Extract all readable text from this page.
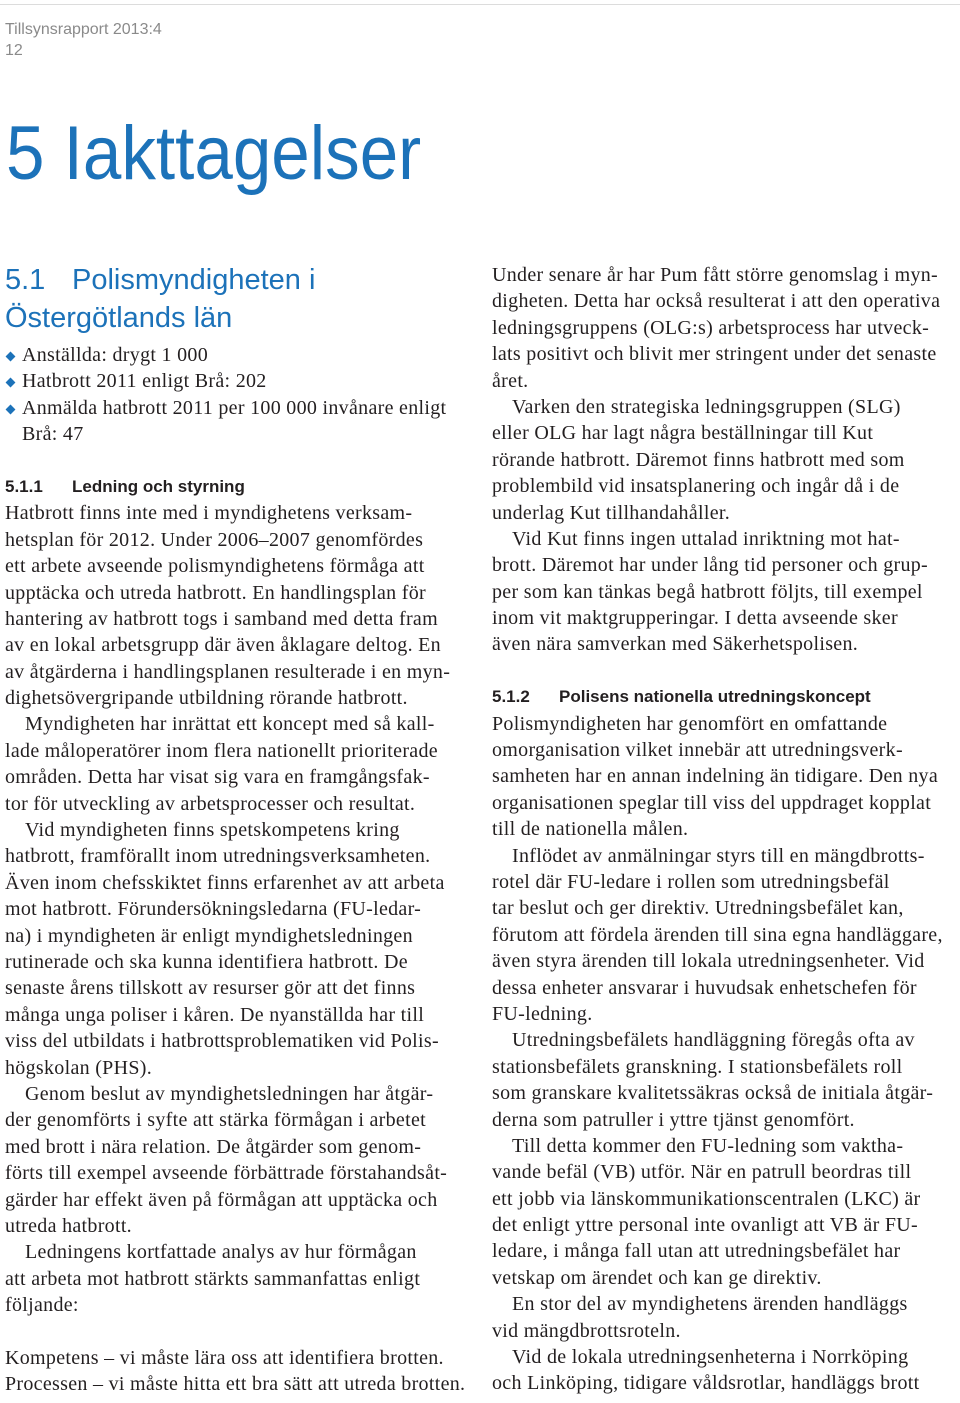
Tillsynsrapport 2013:4
12
5 Iakttagelser
5.1 Polismyndigheten i
Östergötlands län
Anställda: drygt 1 000
Hatbrott 2011 enligt Brå: 202
Anmälda hatbrott 2011 per 100 000 invånare enligt
Brå: 47
5.1.1 Ledning och styrning
Hatbrott finns inte med i myndighetens verksam-
hetsplan för 2012. Under 2006–2007 genomfördes
ett arbete avseende polismyndighetens förmåga att
upptäcka och utreda hatbrott. En handlingsplan för
hantering av hatbrott togs i samband med detta fram
av en lokal arbetsgrupp där även åklagare deltog. En
av åtgärderna i handlingsplanen resulterade i en myn-
dighetsövergripande utbildning rörande hatbrott.
Myndigheten har inrättat ett koncept med så kall-
lade måloperatörer inom flera nationellt prioriterade
områden. Detta har visat sig vara en framgångsfak-
tor för utveckling av arbetsprocesser och resultat.
Vid myndigheten finns spetskompetens kring
hatbrott, framförallt inom utredningsverksamheten.
Även inom chefsskiktet finns erfarenhet av att arbeta
mot hatbrott. Förundersökningsledarna (FU-ledar-
na) i myndigheten är enligt myndighetsledningen
rutinerade och ska kunna identifiera hatbrott. De
senaste årens tillskott av resurser gör att det finns
många unga poliser i kåren. De nyanställda har till
viss del utbildats i hatbrottsproblematiken vid Polis-
högskolan (PHS).
Genom beslut av myndighetsledningen har åtgär-
der genomförts i syfte att stärka förmågan i arbetet
med brott i nära relation. De åtgärder som genom-
förts till exempel avseende förbättrade förstahandsåt-
gärder har effekt även på förmågan att upptäcka och
utreda hatbrott.
Ledningens kortfattade analys av hur förmågan
att arbeta mot hatbrott stärkts sammanfattas enligt
följande:
Kompetens – vi måste lära oss att identifiera brotten.
Processen – vi måste hitta ett bra sätt att utreda brotten.
Under senare år har Pum fått större genomslag i myn-
digheten. Detta har också resulterat i att den operativa
ledningsgruppens (OLG:s) arbetsprocess har utveck-
lats positivt och blivit mer stringent under det senaste
året.
Varken den strategiska ledningsgruppen (SLG)
eller OLG har lagt några beställningar till Kut
rörande hatbrott. Däremot finns hatbrott med som
problembild vid insatsplanering och ingår då i de
underlag Kut tillhandahåller.
Vid Kut finns ingen uttalad inriktning mot hat-
brott. Däremot har under lång tid personer och grup-
per som kan tänkas begå hatbrott följts, till exempel
inom vit maktgrupperingar. I detta avseende sker
även nära samverkan med Säkerhetspolisen.
5.1.2 Polisens nationella utredningskoncept
Polismyndigheten har genomfört en omfattande
omorganisation vilket innebär att utredningsverk-
samheten har en annan indelning än tidigare. Den nya
organisationen speglar till viss del uppdraget kopplat
till de nationella målen.
Inflödet av anmälningar styrs till en mängdbrotts-
rotel där FU-ledare i rollen som utredningsbefäl
tar beslut och ger direktiv. Utredningsbefälet kan,
förutom att fördela ärenden till sina egna handläggare,
även styra ärenden till lokala utredningsenheter. Vid
dessa enheter ansvarar i huvudsak enhetschefen för
FU-ledning.
Utredningsbefälets handläggning föregås ofta av
stationsbefälets granskning. I stationsbefälets roll
som granskare kvalitetssäkras också de initiala åtgär-
derna som patruller i yttre tjänst genomfört.
Till detta kommer den FU-ledning som vaktha-
vande befäl (VB) utför. När en patrull beordras till
ett jobb via länskommunikationscentralen (LKC) är
det enligt yttre personal inte ovanligt att VB är FU-
ledare, i många fall utan att utredningsbefälet har
vetskap om ärendet och kan ge direktiv.
En stor del av myndighetens ärenden handläggs
vid mängdbrottsroteln.
Vid de lokala utredningsenheterna i Norrköping
och Linköping, tidigare våldsrotlar, handläggs brott
